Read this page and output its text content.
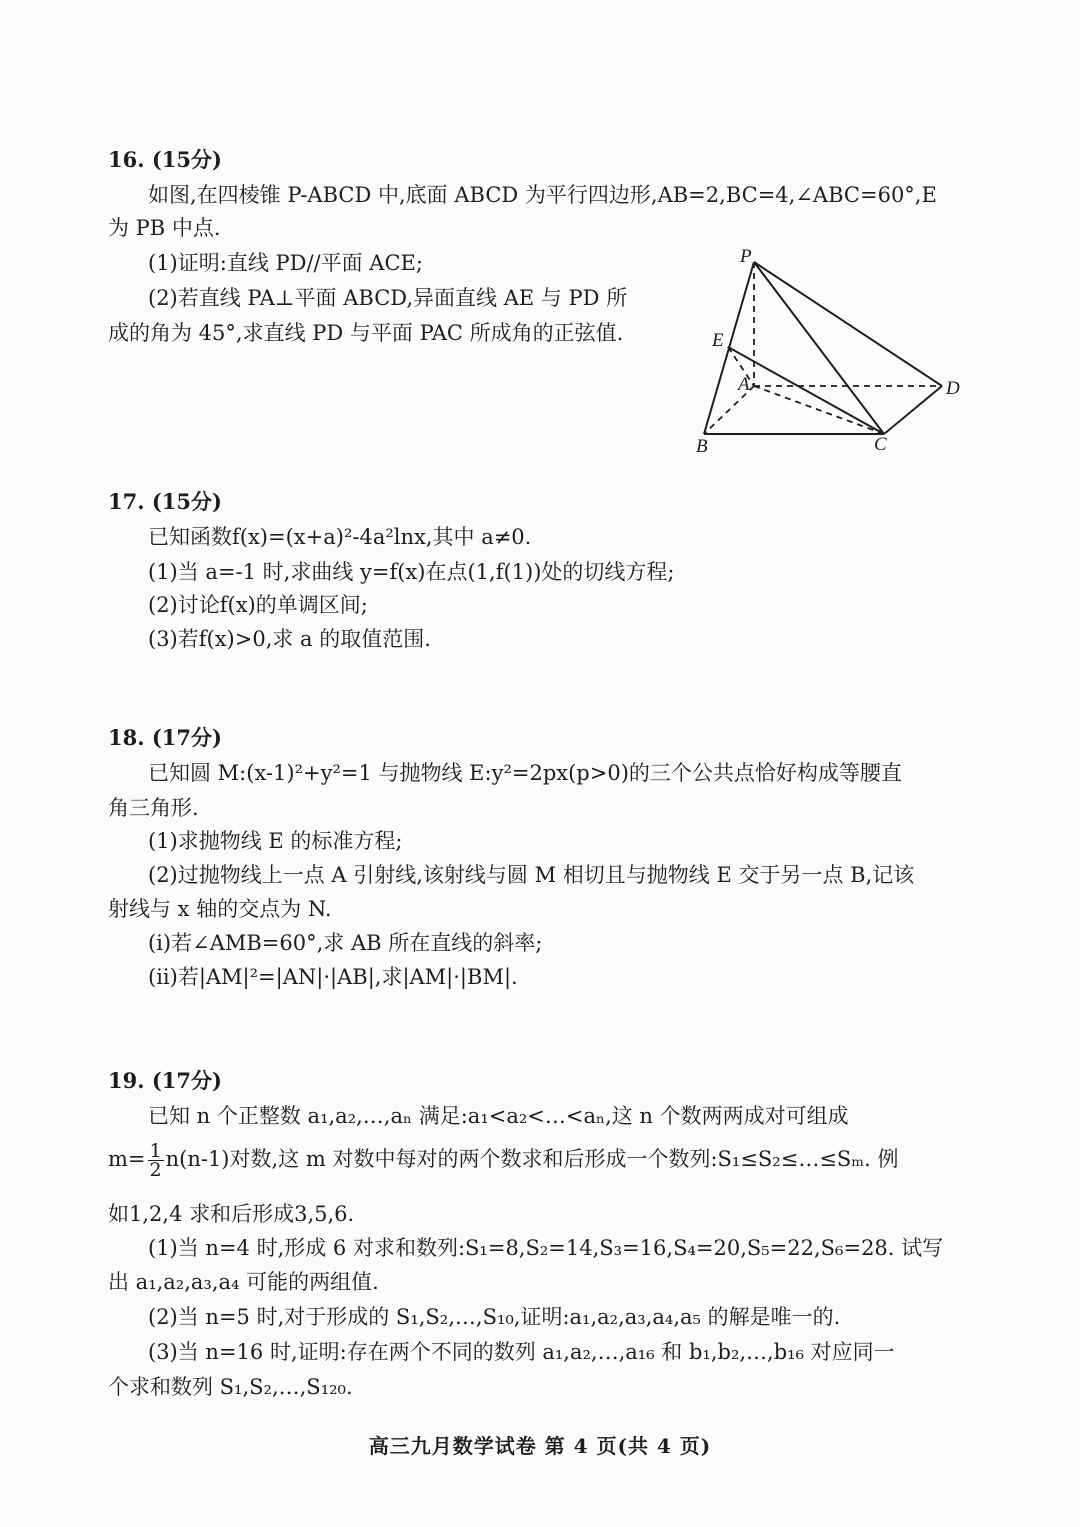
16. (15分)
如图,在四棱锥 P-ABCD 中,底面 ABCD 为平行四边形,AB=2,BC=4,∠ABC=60°,E
为 PB 中点.
(1)证明:直线 PD//平面 ACE;
(2)若直线 PA⊥平面 ABCD,异面直线 AE 与 PD 所
成的角为 45°,求直线 PD 与平面 PAC 所成角的正弦值.
P
E
A	D
B	C
17. (15分)
已知函数f(x)=(x+a)²-4a²lnx,其中 a≠0.
(1)当 a=-1 时,求曲线 y=f(x)在点(1,f(1))处的切线方程;
(2)讨论f(x)的单调区间;
(3)若f(x)>0,求 a 的取值范围.
18. (17分)
已知圆 M:(x-1)²+y²=1 与抛物线 E:y²=2px(p>0)的三个公共点恰好构成等腰直
角三角形.
(1)求抛物线 E 的标准方程;
(2)过抛物线上一点 A 引射线,该射线与圆 M 相切且与抛物线 E 交于另一点 B,记该
射线与 x 轴的交点为 N.
(i)若∠AMB=60°,求 AB 所在直线的斜率;
(ii)若|AM|²=|AN|·|AB|,求|AM|·|BM|.
19. (17分)
已知 n 个正整数 a₁,a₂,…,aₙ 满足:a₁<a₂<…<aₙ,这 n 个数两两成对可组成
$m= \frac{1}{2} n(n-1)$对数,这 m 对数中每对的两个数求和后形成一个数列:S₁≤S₂≤…≤Sₘ. 例
如1,2,4 求和后形成3,5,6.
(1)当 n=4 时,形成 6 对求和数列:S₁=8,S₂=14,S₃=16,S₄=20,S₅=22,S₆=28. 试写
出 a₁,a₂,a₃,a₄ 可能的两组值.
(2)当 n=5 时,对于形成的 S₁,S₂,…,S₁₀,证明:a₁,a₂,a₃,a₄,a₅ 的解是唯一的.
(3)当 n=16 时,证明:存在两个不同的数列 a₁,a₂,…,a₁₆ 和 b₁,b₂,…,b₁₆ 对应同一
个求和数列 S₁,S₂,…,S₁₂₀.
高三九月数学试卷 第 4 页(共 4 页)
